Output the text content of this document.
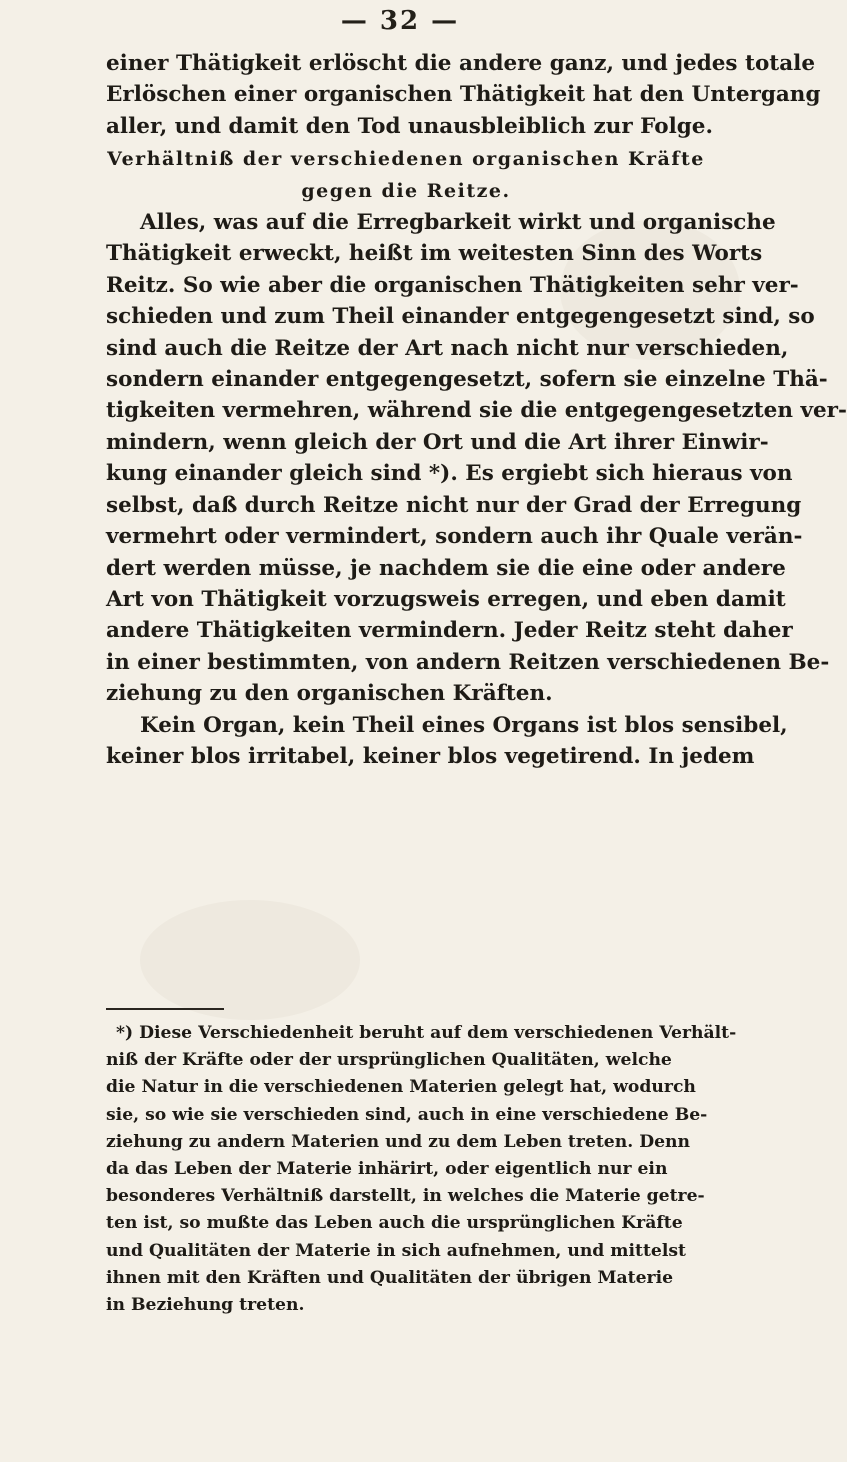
— 32 —
einer Thätigkeit erlöscht die andere ganz, und jedes totale
Erlöschen einer organischen Thätigkeit hat den Untergang
aller, und damit den Tod unausbleiblich zur Folge.
Verhältniß der verschiedenen organischen Kräfte
gegen die Reitze.
Alles, was auf die Erregbarkeit wirkt und organische
Thätigkeit erweckt, heißt im weitesten Sinn des Worts
Reitz. So wie aber die organischen Thätigkeiten sehr ver-
schieden und zum Theil einander entgegengesetzt sind, so
sind auch die Reitze der Art nach nicht nur verschieden,
sondern einander entgegengesetzt, sofern sie einzelne Thä-
tigkeiten vermehren, während sie die entgegengesetzten ver-
mindern, wenn gleich der Ort und die Art ihrer Einwir-
kung einander gleich sind *). Es ergiebt sich hieraus von
selbst, daß durch Reitze nicht nur der Grad der Erregung
vermehrt oder vermindert, sondern auch ihr Quale verän-
dert werden müsse, je nachdem sie die eine oder andere
Art von Thätigkeit vorzugsweis erregen, und eben damit
andere Thätigkeiten vermindern. Jeder Reitz steht daher
in einer bestimmten, von andern Reitzen verschiedenen Be-
ziehung zu den organischen Kräften.
Kein Organ, kein Theil eines Organs ist blos sensibel,
keiner blos irritabel, keiner blos vegetirend. In jedem
*) Diese Verschiedenheit beruht auf dem verschiedenen Verhält-
niß der Kräfte oder der ursprünglichen Qualitäten, welche
die Natur in die verschiedenen Materien gelegt hat, wodurch
sie, so wie sie verschieden sind, auch in eine verschiedene Be-
ziehung zu andern Materien und zu dem Leben treten. Denn
da das Leben der Materie inhärirt, oder eigentlich nur ein
besonderes Verhältniß darstellt, in welches die Materie getre-
ten ist, so mußte das Leben auch die ursprünglichen Kräfte
und Qualitäten der Materie in sich aufnehmen, und mittelst
ihnen mit den Kräften und Qualitäten der übrigen Materie
in Beziehung treten.
